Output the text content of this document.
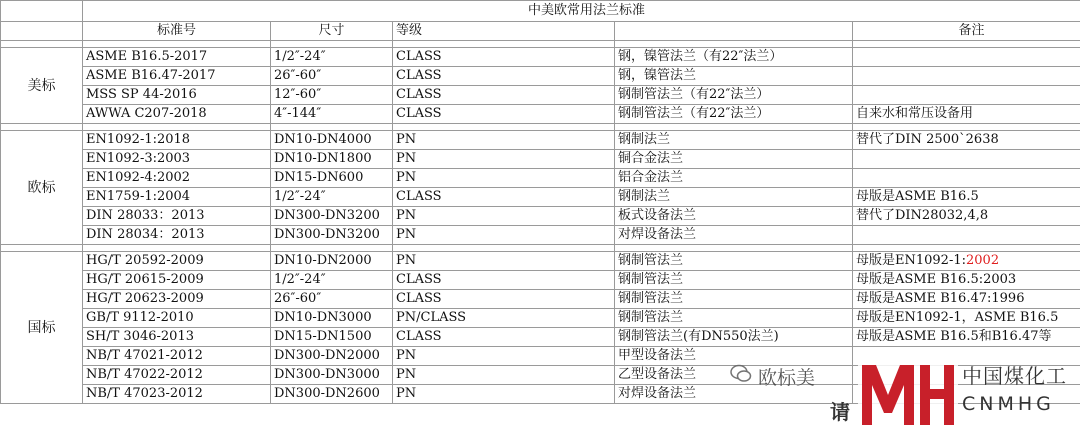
	中美欧常用法兰标准				
	标准号	尺寸	等级		备注

美标	ASME B16.5-2017	1/2″-24″	CLASS	钢，镍管法兰（有22″法兰）	
	ASME B16.47-2017	26″-60″	CLASS	钢，镍管法兰	
	MSS SP 44-2016	12″-60″	CLASS	钢制管法兰（有22″法兰）	
	AWWA C207-2018	4″-144″	CLASS	钢制管法兰（有22″法兰）	自来水和常压设备用

欧标	EN1092-1:2018	DN10-DN4000	PN	钢制法兰	替代了DIN 2500`2638
	EN1092-3:2003	DN10-DN1800	PN	铜合金法兰	
	EN1092-4:2002	DN15-DN600	PN	铝合金法兰	
	EN1759-1:2004	1/2″-24″	CLASS	钢制法兰	母版是ASME B16.5
	DIN 28033：2013	DN300-DN3200	PN	板式设备法兰	替代了DIN28032,4,8
	DIN 28034：2013	DN300-DN3200	PN	对焊设备法兰	

国标	HG/T 20592-2009	DN10-DN2000	PN	钢制管法兰	母版是EN1092-1:2002
	HG/T 20615-2009	1/2″-24″	CLASS	钢制管法兰	母版是ASME B16.5:2003
	HG/T 20623-2009	26″-60″	CLASS	钢制管法兰	母版是ASME B16.47:1996
	GB/T 9112-2010	DN10-DN3000	PN/CLASS	钢制管法兰	母版是EN1092-1，ASME B16.5
	SH/T 3046-2013	DN15-DN1500	CLASS	钢制管法兰(有DN550法兰)	母版是ASME B16.5和B16.47等
	NB/T 47021-2012	DN300-DN2000	PN	甲型设备法兰	
	NB/T 47022-2012	DN300-DN3000	PN	乙型设备法兰	
	NB/T 47023-2012	DN300-DN2600	PN	对焊设备法兰	
欧标美
请
中国煤化工
CNMHG
